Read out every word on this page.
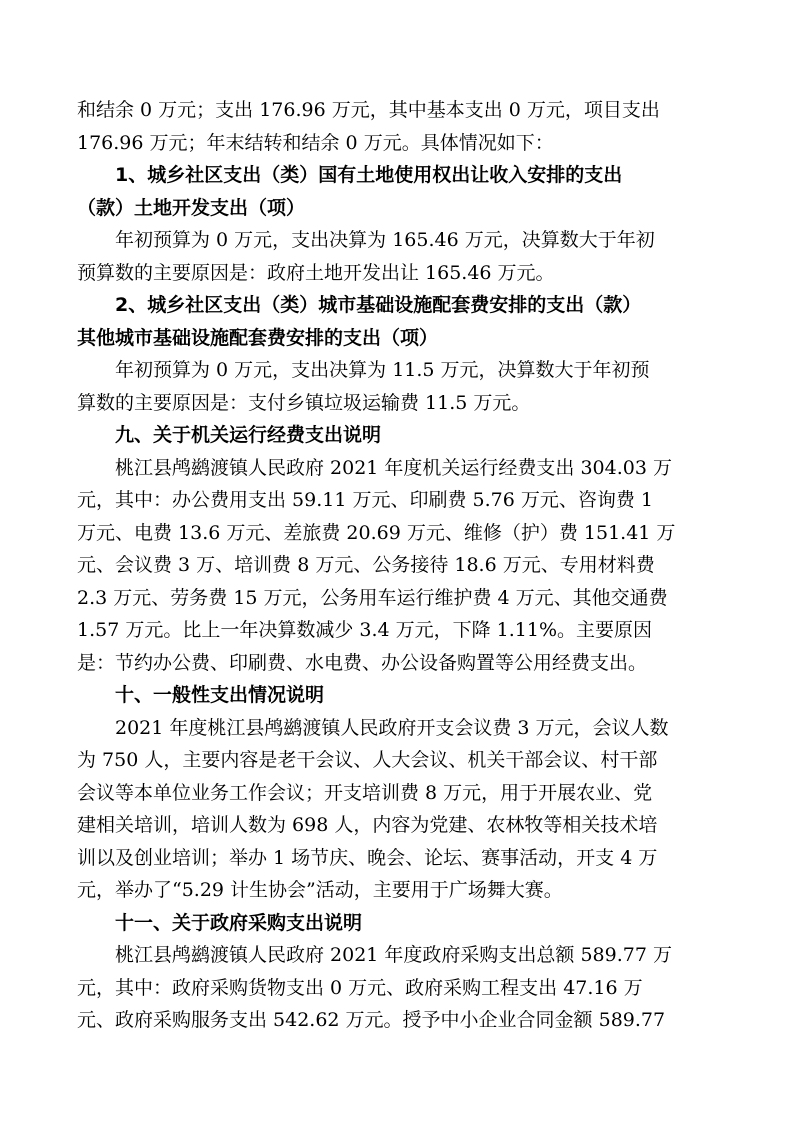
和结余 0 万元；支出 176.96 万元，其中基本支出 0 万元，项目支出

176.96 万元；年末结转和结余 0 万元。具体情况如下：

1、城乡社区支出（类）国有土地使用权出让收入安排的支出
（款）土地开发支出（项）

年初预算为 0 万元，支出决算为 165.46 万元，决算数大于年初

预算数的主要原因是：政府土地开发出让 165.46 万元。

2、城乡社区支出（类）城市基础设施配套费安排的支出（款）
其他城市基础设施配套费安排的支出（项）

年初预算为 0 万元，支出决算为 11.5 万元，决算数大于年初预

算数的主要原因是：支付乡镇垃圾运输费 11.5 万元。

九、关于机关运行经费支出说明

桃江县鸬鹚渡镇人民政府 2021 年度机关运行经费支出 304.03 万

元，其中：办公费用支出 59.11 万元、印刷费 5.76 万元、咨询费 1

万元、电费 13.6 万元、差旅费 20.69 万元、维修（护）费 151.41 万

元、会议费 3 万、培训费 8 万元、公务接待 18.6 万元、专用材料费

2.3 万元、劳务费 15 万元，公务用车运行维护费 4 万元、其他交通费

1.57 万元。比上一年决算数减少 3.4 万元，下降 1.11%。主要原因

是：节约办公费、印刷费、水电费、办公设备购置等公用经费支出。

十、一般性支出情况说明

2021 年度桃江县鸬鹚渡镇人民政府开支会议费 3 万元，会议人数

为 750 人，主要内容是老干会议、人大会议、机关干部会议、村干部

会议等本单位业务工作会议；开支培训费 8 万元，用于开展农业、党

建相关培训，培训人数为 698 人，内容为党建、农林牧等相关技术培

训以及创业培训；举办 1 场节庆、晚会、论坛、赛事活动，开支 4 万

元，举办了“5.29 计生协会”活动，主要用于广场舞大赛。

十一、关于政府采购支出说明

桃江县鸬鹚渡镇人民政府 2021 年度政府采购支出总额 589.77 万

元，其中：政府采购货物支出 0 万元、政府采购工程支出 47.16 万

元、政府采购服务支出 542.62 万元。授予中小企业合同金额 589.77
